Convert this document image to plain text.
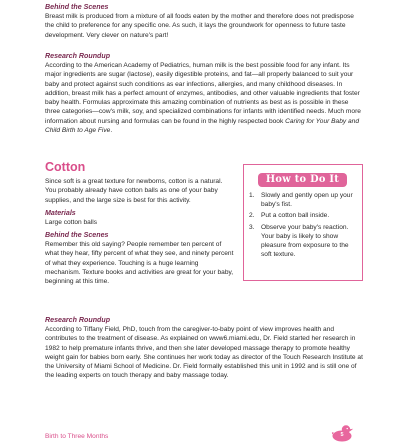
Behind the Scenes

Breast milk is produced from a mixture of all foods eaten by the mother and therefore does not predispose the child to preference for any specific one. As such, it lays the groundwork for openness to future taste development. Very clever on nature's part!

Research Roundup

According to the American Academy of Pediatrics, human milk is the best possible food for any infant. Its major ingredients are sugar (lactose), easily digestible proteins, and fat—all properly balanced to suit your baby and protect against such conditions as ear infections, allergies, and many childhood diseases. In addition, breast milk has a perfect amount of enzymes, antibodies, and other valuable ingredients that foster baby health. Formulas approximate this amazing combination of nutrients as best as is possible in these three categories—cow's milk, soy, and specialized combinations for infants with identified needs. Much more information about nursing and formulas can be found in the highly respected book Caring for Your Baby and Child Birth to Age Five.

Cotton

Since soft is a great texture for newborns, cotton is a natural. You probably already have cotton balls as one of your baby supplies, and the large size is best for this activity.

Materials

Large cotton balls

Behind the Scenes

Remember this old saying? People remember ten percent of what they hear, fifty percent of what they see, and ninety percent of what they experience. Touching is a huge learning mechanism. Texture books and activities are great for your baby, beginning at this time.

How to Do It
1. Slowly and gently open up your baby's fist.
2. Put a cotton ball inside.
3. Observe your baby's reaction. Your baby is likely to show pleasure from exposure to the soft texture.
Research Roundup

According to Tiffany Field, PhD, touch from the caregiver-to-baby point of view improves health and contributes to the treatment of disease. As explained on www6.miami.edu, Dr. Field started her research in 1982 to help premature infants thrive, and then she later developed massage therapy to promote healthy weight gain for babies born early. She continues her work today as director of the Touch Research Institute at the University of Miami School of Medicine. Dr. Field formally established this unit in 1992 and is still one of the leading experts on touch therapy and baby massage today.

Birth to Three Months	5
